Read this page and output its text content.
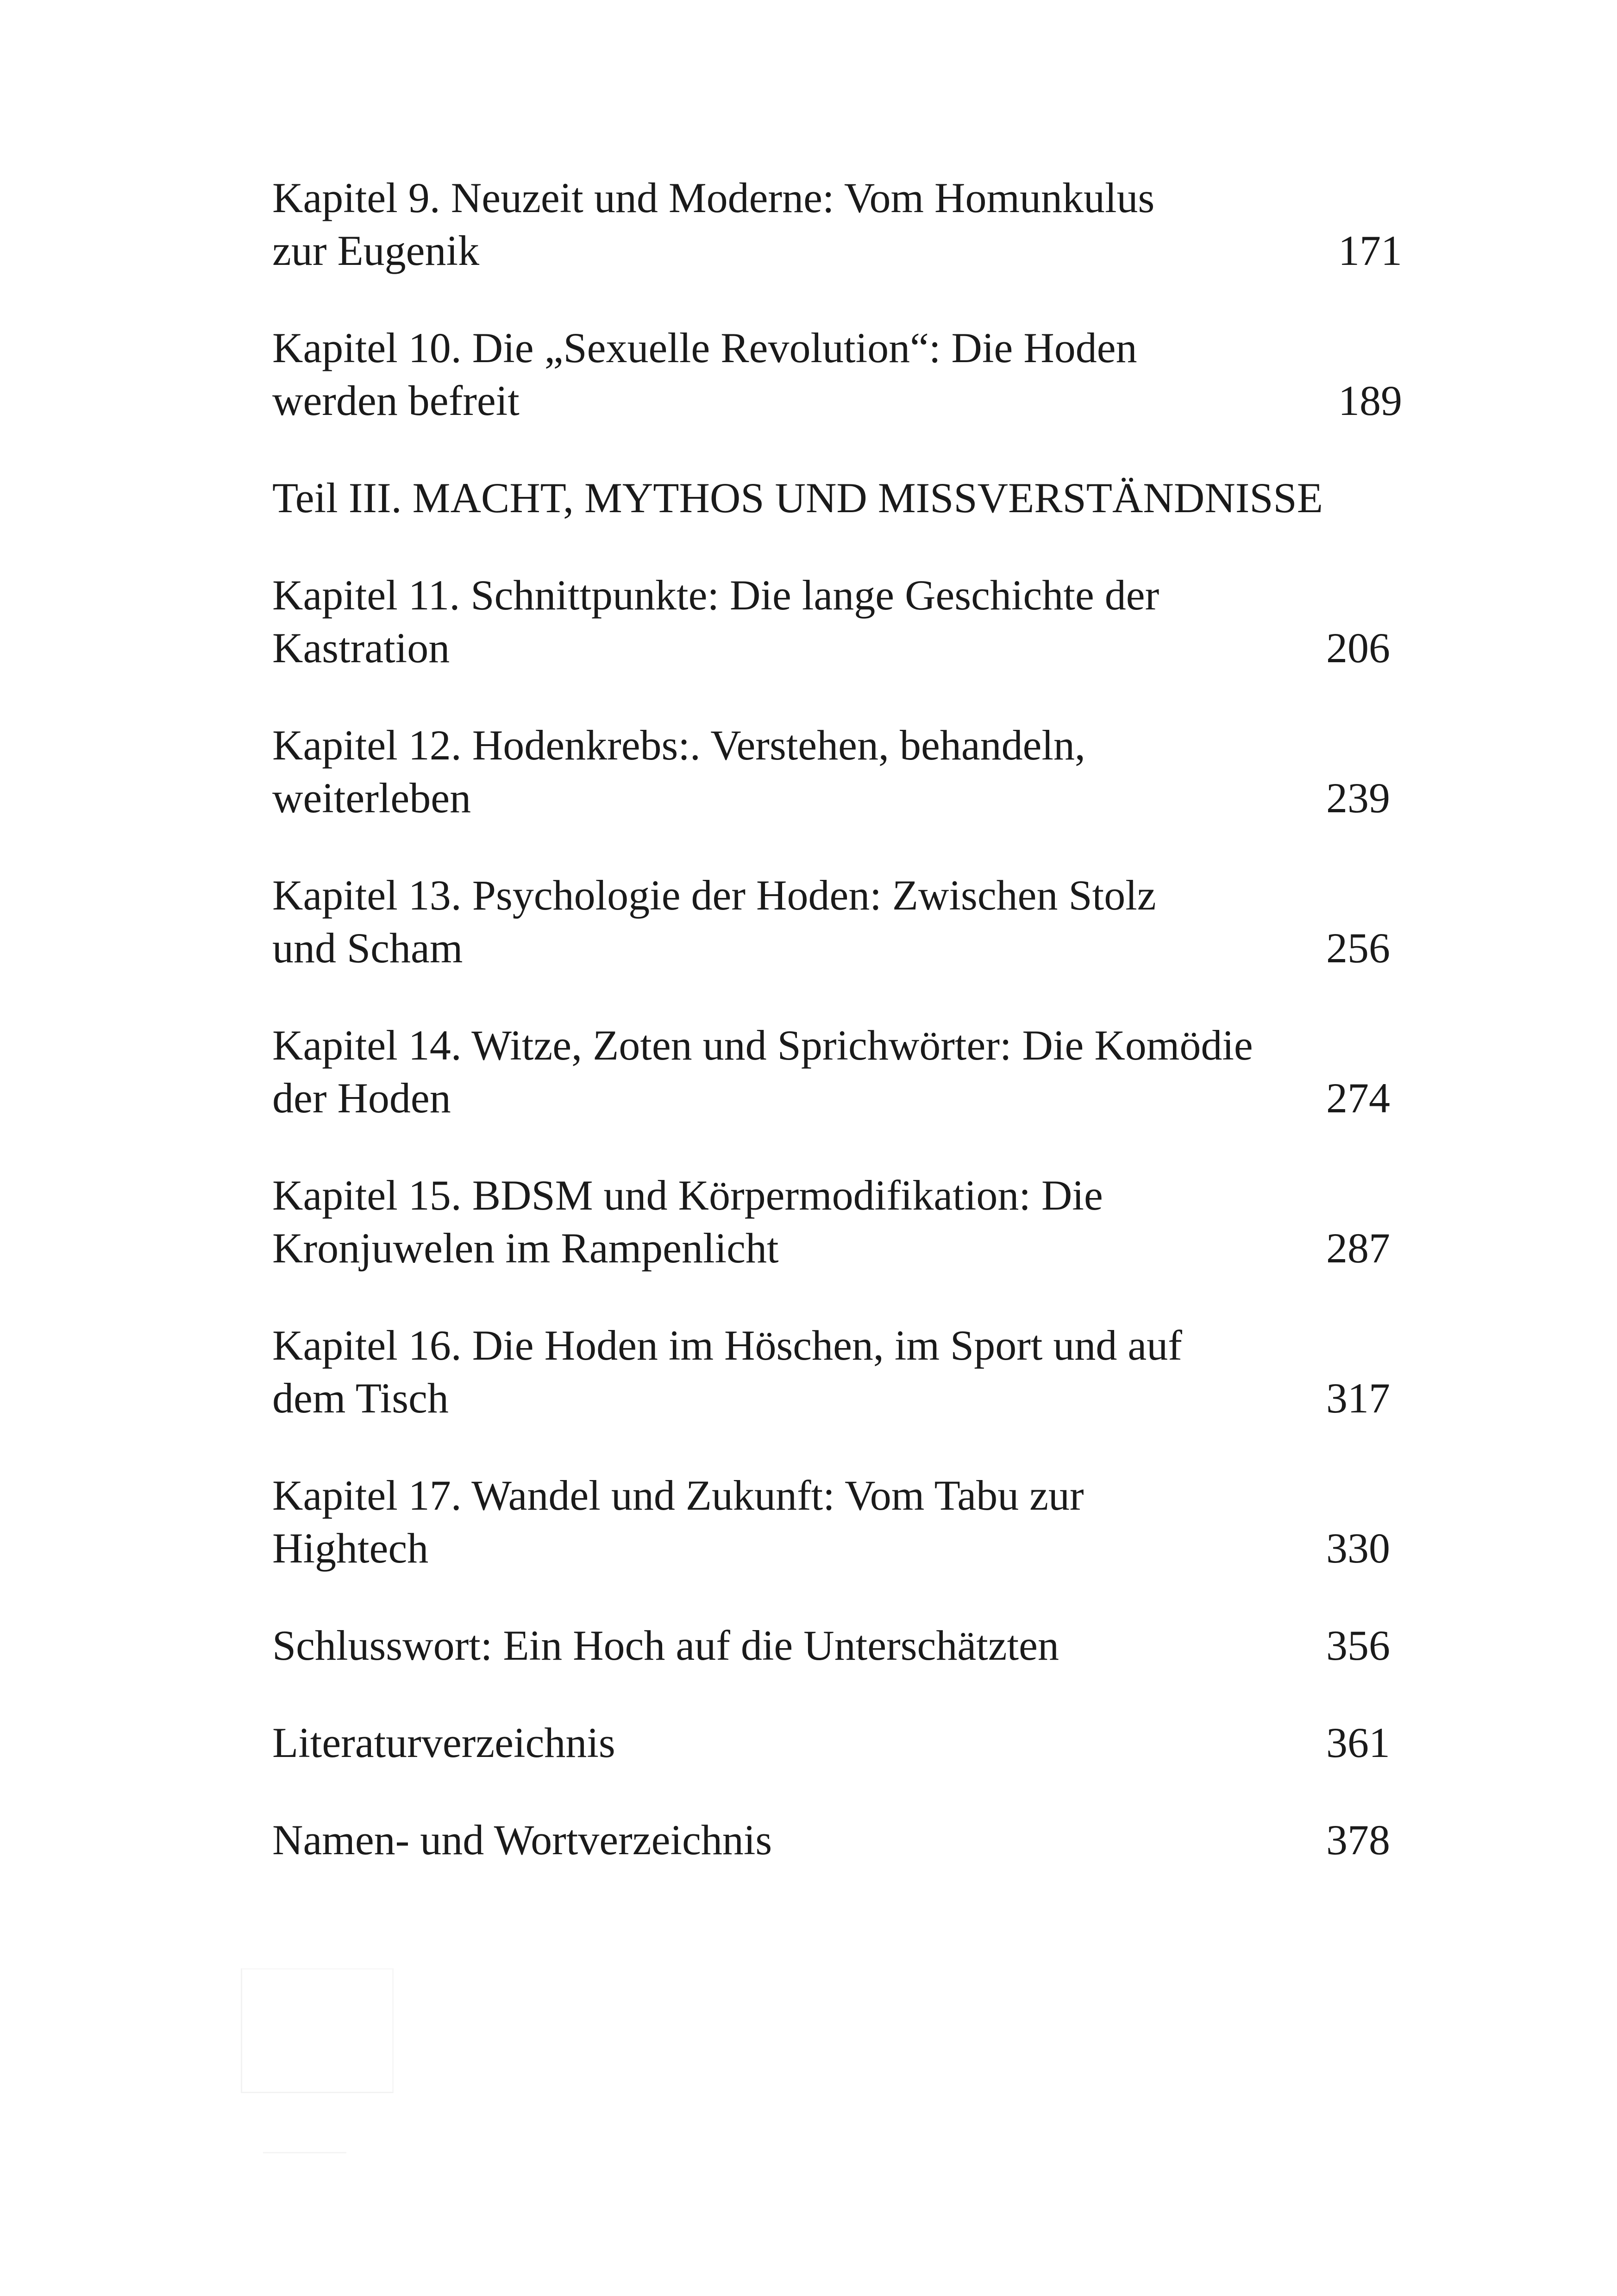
Kapitel 9. Neuzeit und Moderne: Vom Homunkulus
zur Eugenik	171
Kapitel 10. Die „Sexuelle Revolution“: Die Hoden
werden befreit	189
Teil III. MACHT, MYTHOS UND MISSVERSTÄNDNISSE
Kapitel 11. Schnittpunkte: Die lange Geschichte der
Kastration	206
Kapitel 12. Hodenkrebs:. Verstehen, behandeln,
weiterleben	239
Kapitel 13. Psychologie der Hoden: Zwischen Stolz
und Scham	256
Kapitel 14. Witze, Zoten und Sprichwörter: Die Komödie
der Hoden	274
Kapitel 15. BDSM und Körpermodifikation: Die
Kronjuwelen im Rampenlicht	287
Kapitel 16. Die Hoden im Höschen, im Sport und auf
dem Tisch	317
Kapitel 17. Wandel und Zukunft: Vom Tabu zur
Hightech	330
Schlusswort: Ein Hoch auf die Unterschätzten	356
Literaturverzeichnis	361
Namen- und Wortverzeichnis	378
